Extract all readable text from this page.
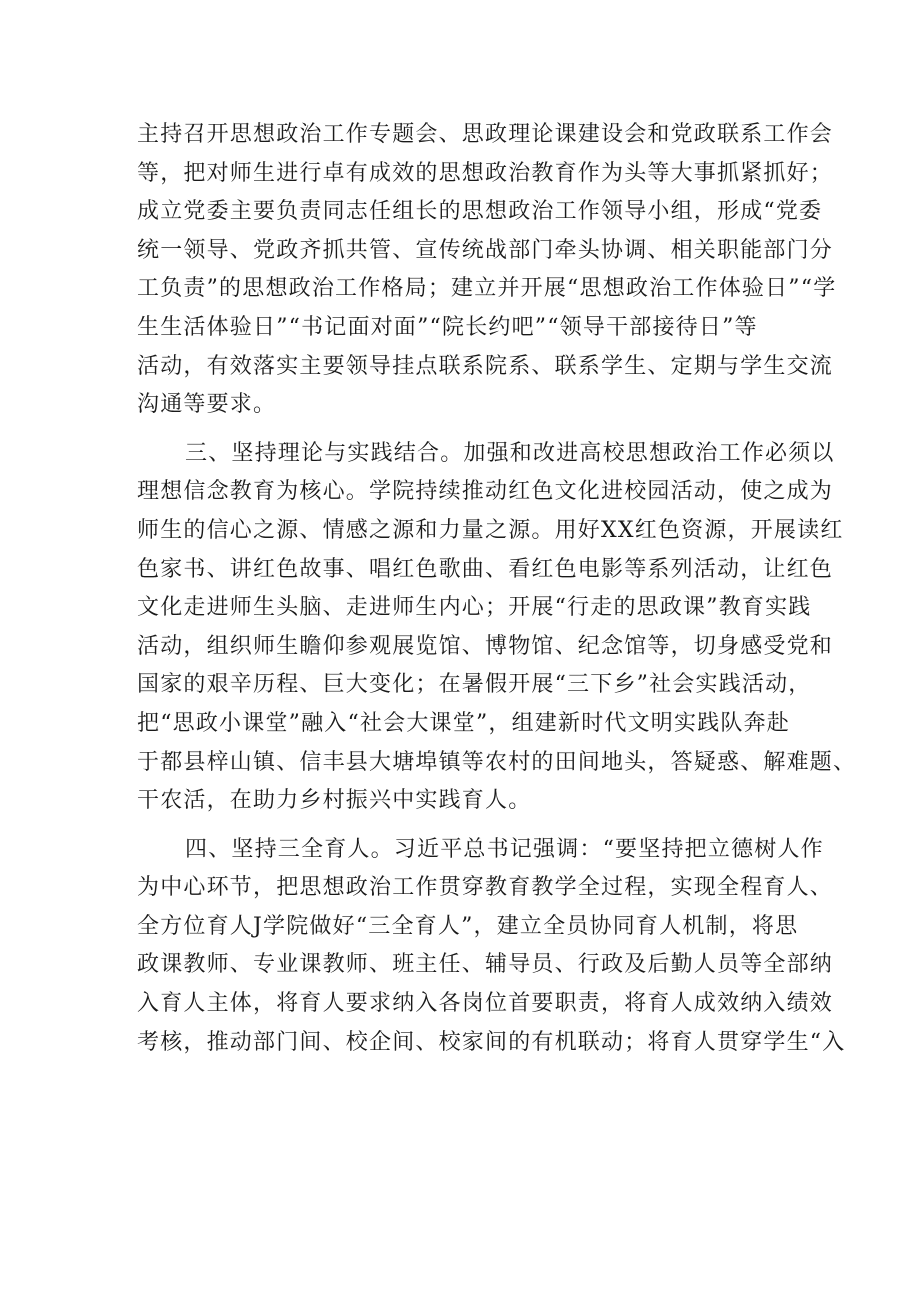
主持召开思想政治工作专题会、思政理论课建设会和党政联系工作会
等，把对师生进行卓有成效的思想政治教育作为头等大事抓紧抓好；
成立党委主要负责同志任组长的思想政治工作领导小组，形成“党委
统一领导、党政齐抓共管、宣传统战部门牵头协调、相关职能部门分
工负责”的思想政治工作格局；建立并开展“思想政治工作体验日”“学
生生活体验日”“书记面对面”“院长约吧”“领导干部接待日”等
活动，有效落实主要领导挂点联系院系、联系学生、定期与学生交流
沟通等要求。
三、坚持理论与实践结合。加强和改进高校思想政治工作必须以
理想信念教育为核心。学院持续推动红色文化进校园活动，使之成为
师生的信心之源、情感之源和力量之源。用好XX红色资源，开展读红
色家书、讲红色故事、唱红色歌曲、看红色电影等系列活动，让红色
文化走进师生头脑、走进师生内心；开展“行走的思政课”教育实践
活动，组织师生瞻仰参观展览馆、博物馆、纪念馆等，切身感受党和
国家的艰辛历程、巨大变化；在暑假开展“三下乡”社会实践活动，
把“思政小课堂”融入“社会大课堂”，组建新时代文明实践队奔赴
于都县梓山镇、信丰县大塘埠镇等农村的田间地头，答疑惑、解难题、
干农活，在助力乡村振兴中实践育人。
四、坚持三全育人。习近平总书记强调：“要坚持把立德树人作
为中心环节，把思想政治工作贯穿教育教学全过程，实现全程育人、
全方位育人J学院做好“三全育人”，建立全员协同育人机制，将思
政课教师、专业课教师、班主任、辅导员、行政及后勤人员等全部纳
入育人主体，将育人要求纳入各岗位首要职责，将育人成效纳入绩效
考核，推动部门间、校企间、校家间的有机联动；将育人贯穿学生“入
